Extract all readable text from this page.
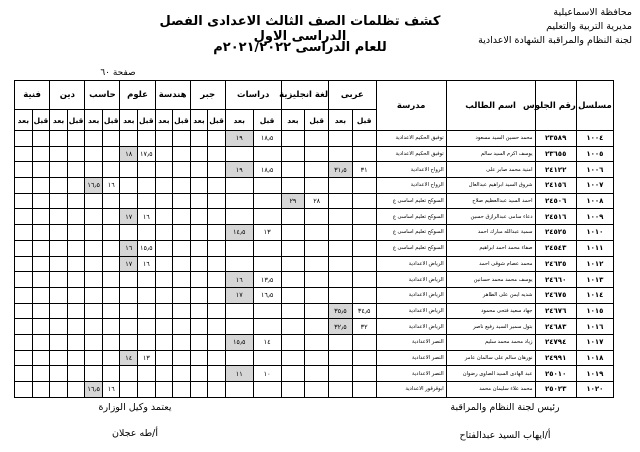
كشف تظلمات الصف الثالث الاعدادى الفصل الدراسى الاول
للعام الدراسى ٢٠٢١/٢٠٢٢م
محافظة الاسماعيلية
مديرية التربية والتعليم
لجنة النظام والمراقبة الشهادة الاعدادية
صفحة ٦٠
مسلسل	رقم الجلوس	اسم الطالب	مدرسة	عربى		لغة انجليزية		دراسات		جبر		هندسة		علوم		حاسب		دين		فنية	
				قبل	بعد	قبل	بعد	قبل	بعد	قبل	بعد	قبل	بعد	قبل	بعد	قبل	بعد	قبل	بعد	قبل	بعد
١٠٠٤	٢٣٥٨٩	محمد حسين السيد مسعود	توفيق الحكيم الاعدادية					١٨٫٥	١٩												
١٠٠٥	٢٣٦٥٥	يوسف اكرم السيد سالم	توفيق الحكيم الاعدادية											١٧٫٥	١٨						
١٠٠٦	٢٤١٢٢	امنية محمد صابر على	الرواح الاعدادية	٣١	٣١٫٥			١٨٫٥	١٩												
١٠٠٧	٢٤١٥٦	شروق السيد ابراهيم عبدالعال	الرواح الاعدادية													١٦	١٦٫٥				
١٠٠٨	٢٤٥٠٦	احمد السيد عبدالعظيم صلاح	السوكح تعليم اساسى ع			٢٨	٢٩														
١٠٠٩	٢٤٥١٦	دعاء سامى عبدالرازق حسين	السوكح تعليم اساسى ع											١٦	١٧						
١٠١٠	٢٤٥٢٥	سمية عبدالله مبارك احمد	السوكح تعليم اساسى ع					١٣	١٤٫٥												
١٠١١	٢٤٥٤٣	صفاء محمد احمد ابراهيم	السوكح تعليم اساسى ع											١٥٫٥	١٦						
١٠١٢	٢٤٦٣٥	محمد عصام شوقى احمد	الرياض الاعدادية											١٦	١٧						
١٠١٣	٢٤٦٦٠	يوسف محمد محمد حسانين	الرياض الاعدادية					١٣٫٥	١٦												
١٠١٤	٢٤٦٧٥	شذيه ايمن على الطاهر	الرياض الاعدادية					١٦٫٥	١٧												
١٠١٥	٢٤٦٧٦	جهاد سعيد فتحى محمود	الرياض الاعدادية	٣٤٫٥	٣٥٫٥																
١٠١٦	٢٤٦٨٣	بتول سمير السيد رفيع ناصر	الرياض الاعدادية	٣٢	٣٢٫٥																
١٠١٧	٢٤٧٩٤	زياد محمد محمد سليم	النصر الاعدادية					١٤	١٥٫٥												
١٠١٨	٢٤٩٩١	نورهان سالم على سالمان عامر	النصر الاعدادية											١٣	١٤						
١٠١٩	٢٥٠١٠	عبد الهادى السيد الصاوى رضوان	النصر الاعدادية					١٠	١١												
١٠٢٠	٢٥٠٢٣	محمد علاء سليمان محمد	ابوقرقور الاعدادية													١٦	١٦٫٥				
رئيس لجنة النظام والمراقبة
أ/ايهاب السيد عبدالفتاح
يعتمد وكيل الوزارة
أ/طه عجلان
